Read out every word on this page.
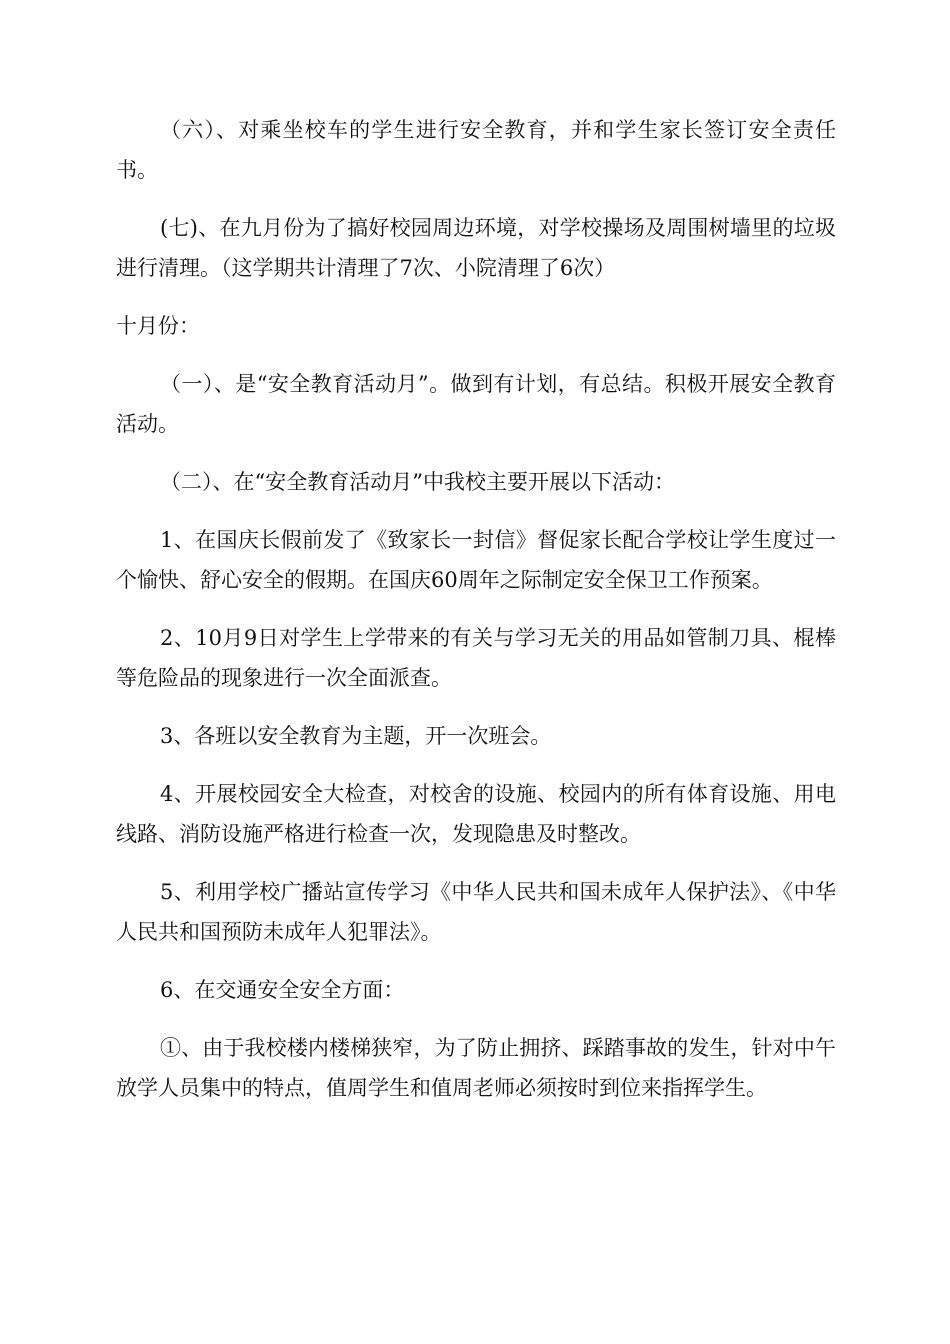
（六）、对乘坐校车的学生进行安全教育，并和学生家长签订安全责任书。

(七)、在九月份为了搞好校园周边环境，对学校操场及周围树墙里的垃圾进行清理。（这学期共计清理了7次、小院清理了6次）

十月份：

（一）、是“安全教育活动月”。做到有计划，有总结。积极开展安全教育活动。

（二）、在“安全教育活动月”中我校主要开展以下活动：

1、在国庆长假前发了《致家长一封信》督促家长配合学校让学生度过一个愉快、舒心安全的假期。在国庆60周年之际制定安全保卫工作预案。

2、10月9日对学生上学带来的有关与学习无关的用品如管制刀具、棍棒等危险品的现象进行一次全面派查。

3、各班以安全教育为主题，开一次班会。

4、开展校园安全大检查，对校舍的设施、校园内的所有体育设施、用电线路、消防设施严格进行检查一次，发现隐患及时整改。

5、利用学校广播站宣传学习《中华人民共和国未成年人保护法》、《中华人民共和国预防未成年人犯罪法》。

6、在交通安全安全方面：

①、由于我校楼内楼梯狭窄，为了防止拥挤、踩踏事故的发生，针对中午放学人员集中的特点，值周学生和值周老师必须按时到位来指挥学生。
